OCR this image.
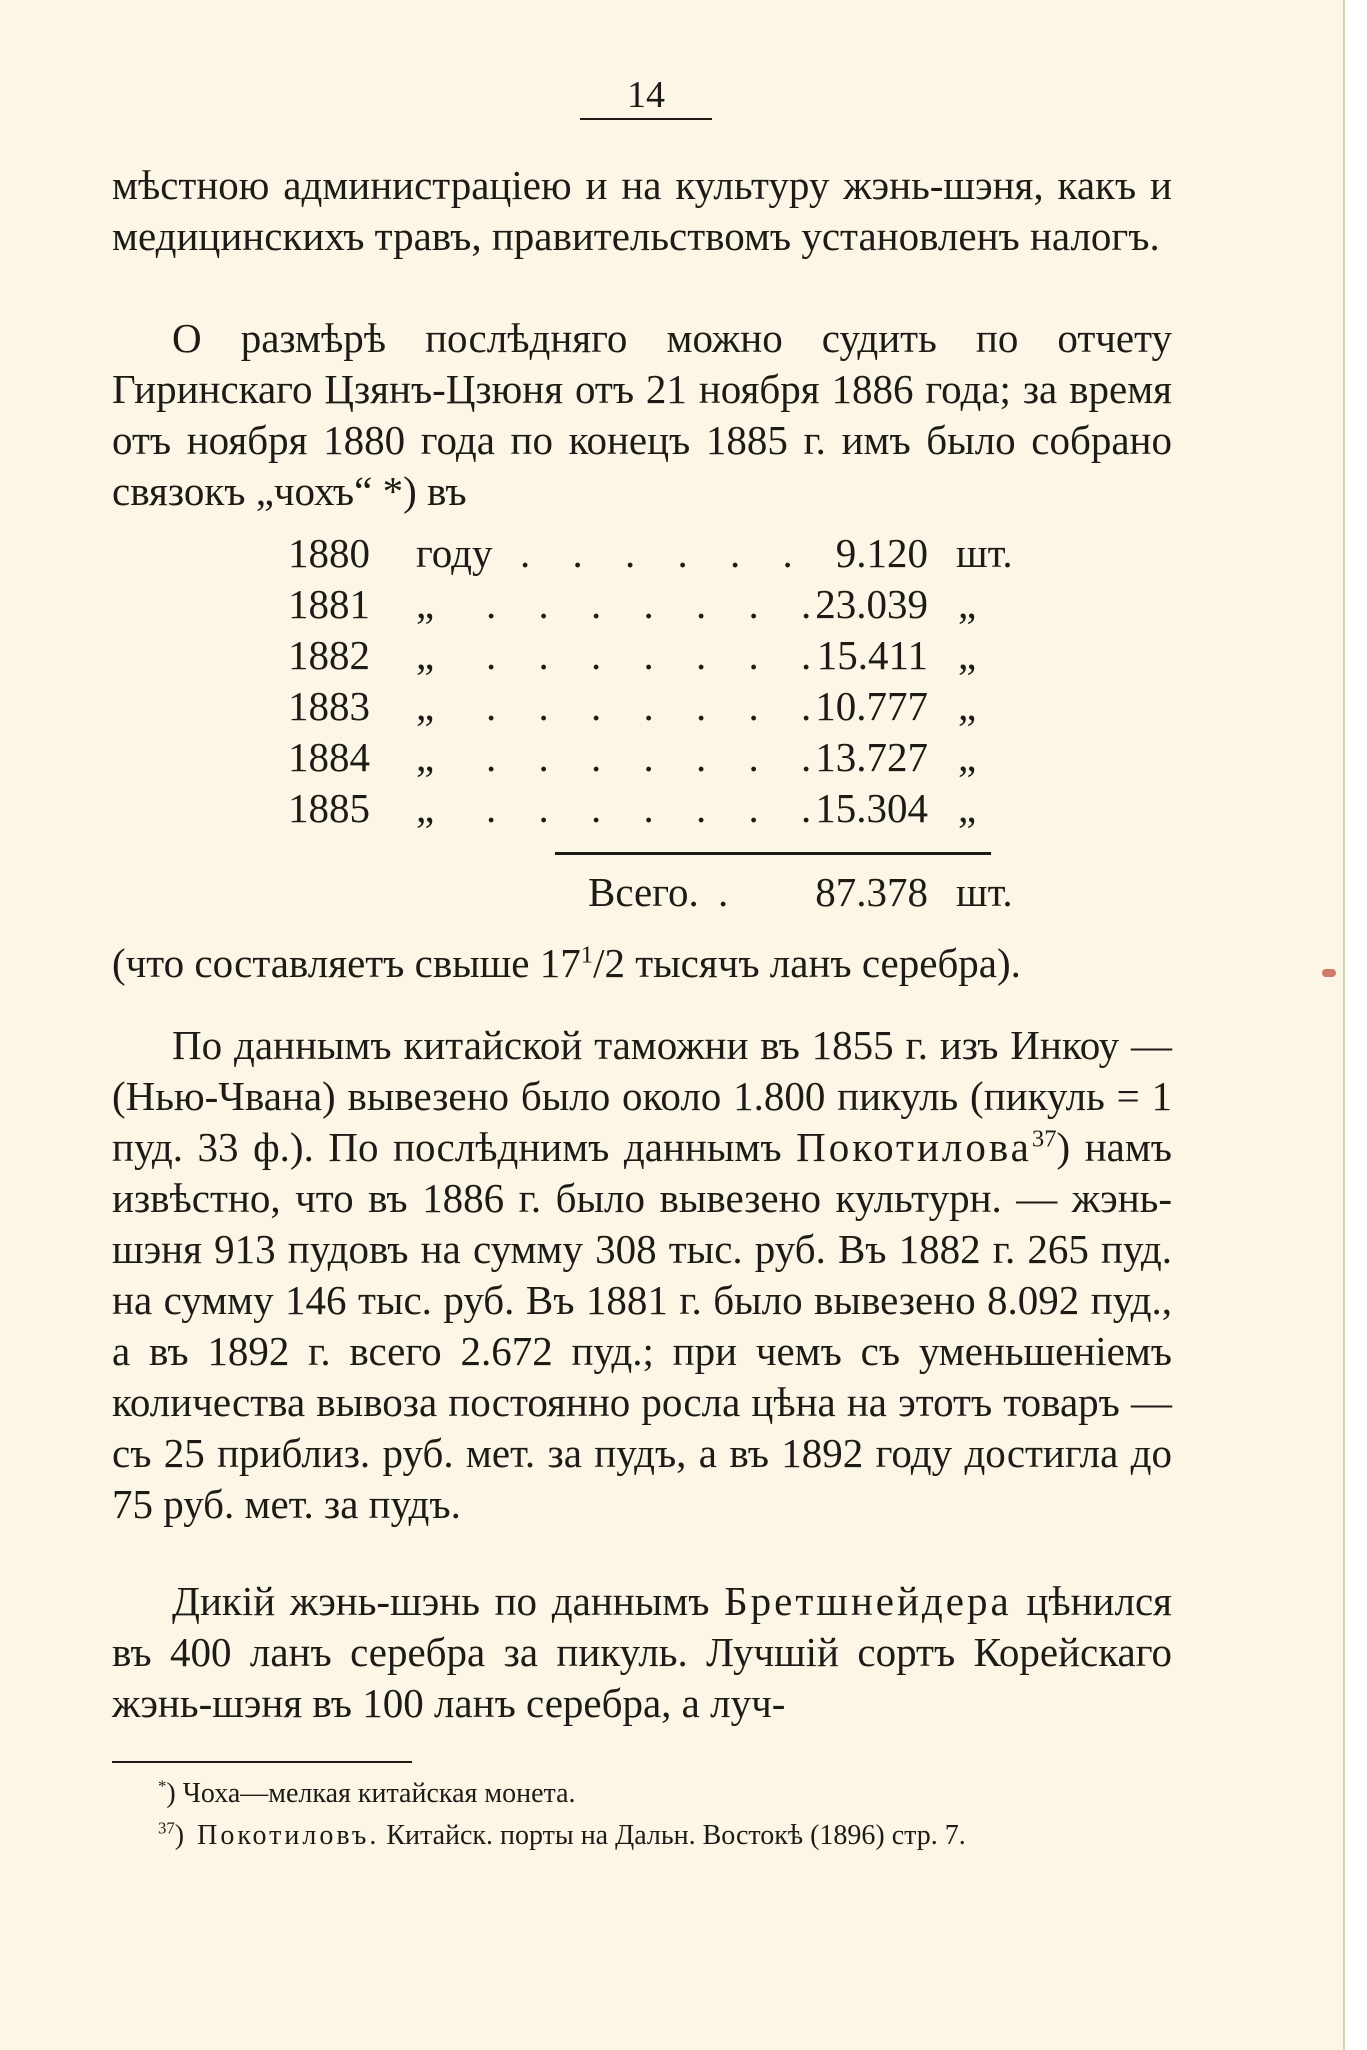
14

мѣстною администраціею и на культуру жэнь-шэня, какъ и медицинскихъ травъ, правительствомъ установленъ налогъ.

О размѣрѣ послѣдняго можно судить по отчету Гиринскаго Цзянъ-Цзюня отъ 21 ноября 1886 года; за время отъ ноября 1880 года по конецъ 1885 г. имъ было собрано связокъ „чохъ“ *) въ

1880 году . . . . . . 9.120 шт.
1881 „ . . . . . . .
23.039 „
1882 „ . . . . . . .
15.411 „
1883 „ . . . . . . .
10.777 „
1884 „ . . . . . . .
13.727 „
1885 „ . . . . . . .
15.304 „
Всего. .	87.378 шт.

(что составляетъ свыше $17^1/2$ тысячъ ланъ серебра).

По даннымъ китайской таможни въ 1855 г. изъ Инкоу — (Нью-Чвана) вывезено было около 1.800 пикуль (пикуль = 1 пуд. 33 ф.). По послѣднимъ даннымъ Покотилова$^{37}$) намъ извѣстно, что въ 1886 г. было вывезено культурн. — жэнь-шэня 913 пудовъ на сумму 308 тыс. руб. Въ 1882 г. 265 пуд. на сумму 146 тыс. руб. Въ 1881 г. было вывезено 8.092 пуд., а въ 1892 г. всего 2.672 пуд.; при чемъ съ уменьшеніемъ количества вывоза постоянно росла цѣна на этотъ товаръ — съ 25 приблиз. руб. мет. за пудъ, а въ 1892 году достигла до 75 руб. мет. за пудъ.

Дикій жэнь-шэнь по даннымъ Бретшнейдера цѣнился въ 400 ланъ серебра за пикуль. Лучшій сортъ Корейскаго жэнь-шэня въ 100 ланъ серебра, а луч-

*) Чоха—мелкая китайская монета.
$^{37}$) Покотиловъ. Китайск. порты на Дальн. Востокѣ (1896) стр. 7.
